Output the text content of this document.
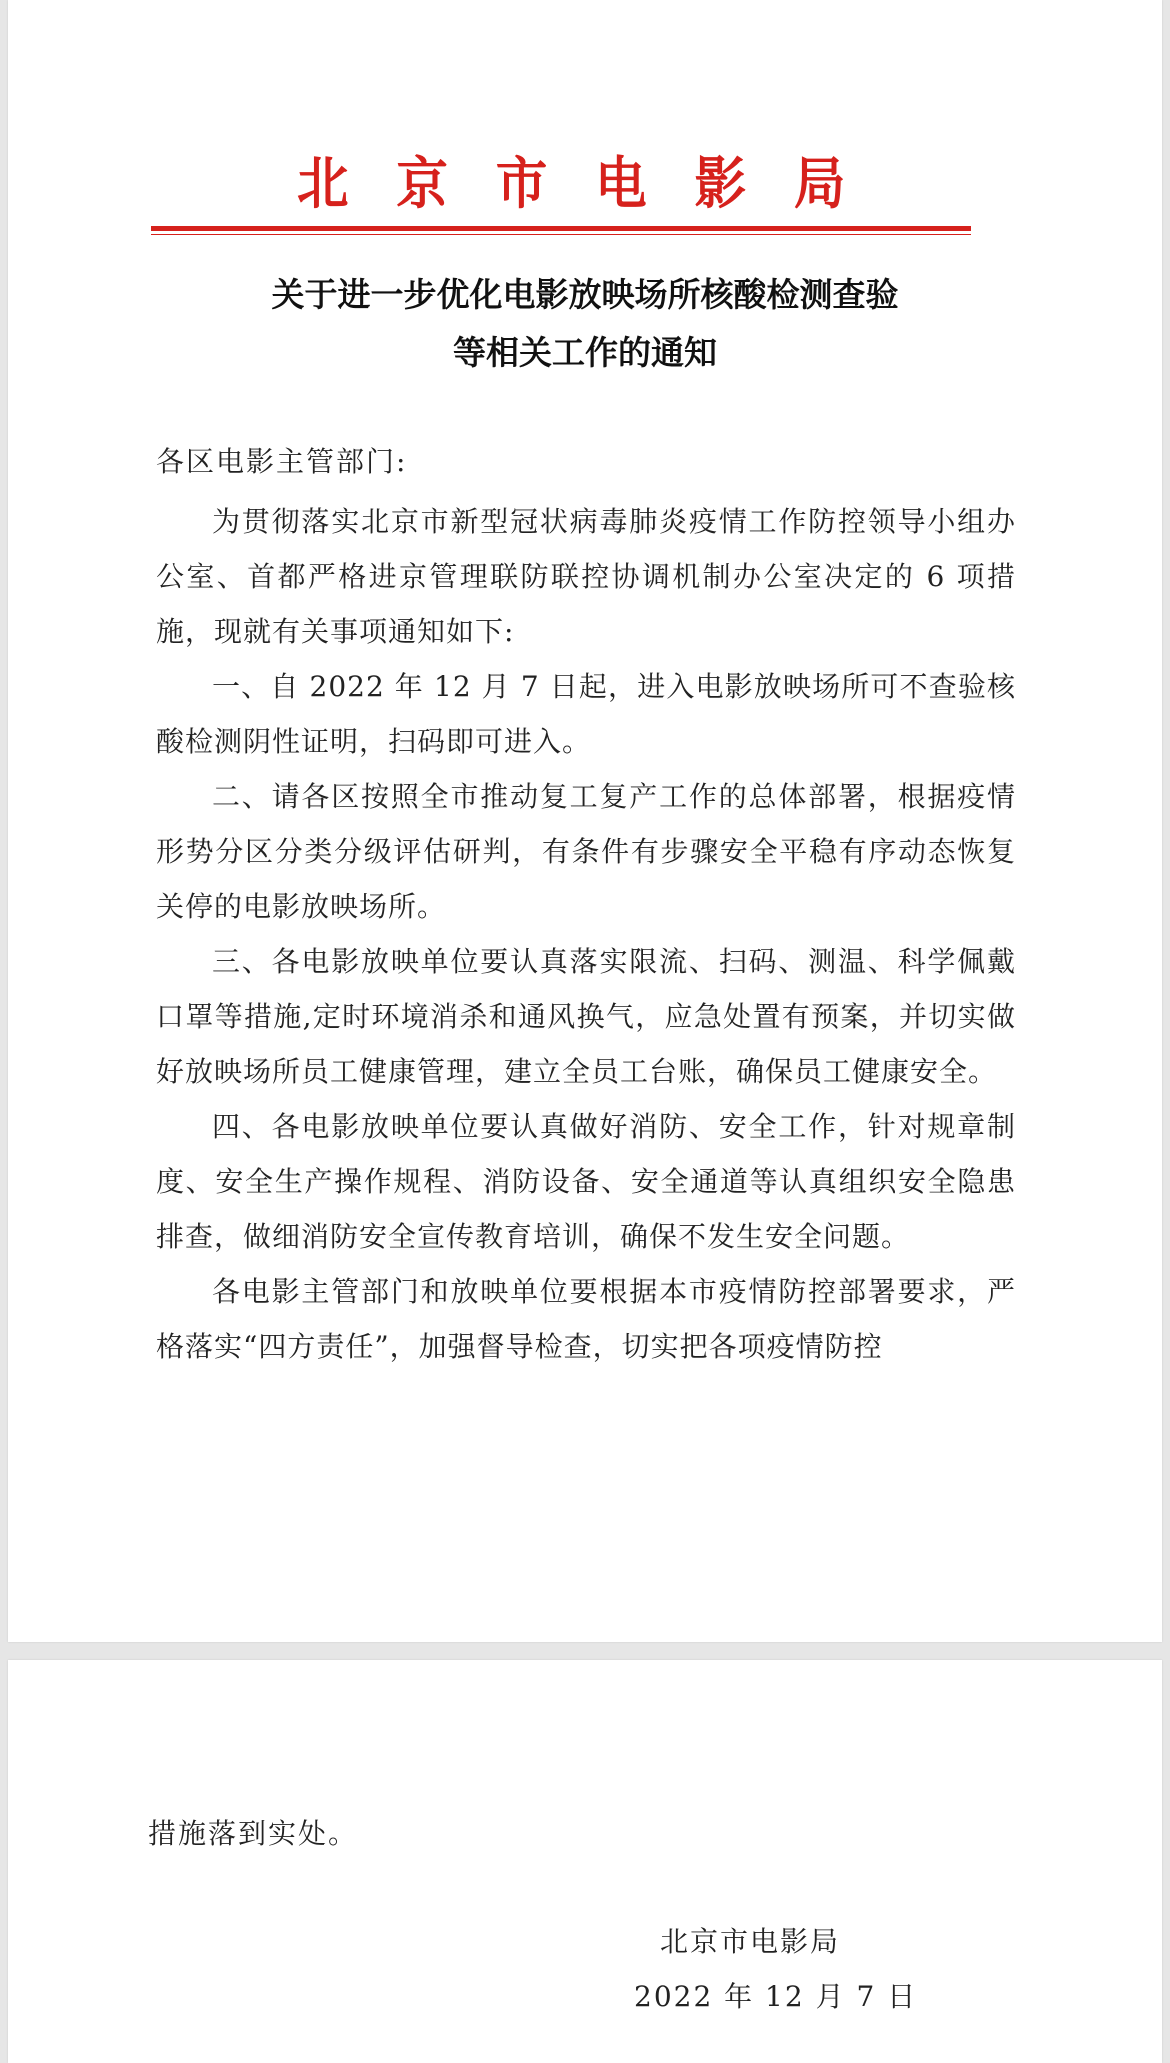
北京市电影局
关于进一步优化电影放映场所核酸检测查验
等相关工作的通知
各区电影主管部门:

为贯彻落实北京市新型冠状病毒肺炎疫情工作防控领导小组办公室、首都严格进京管理联防联控协调机制办公室决定的 6 项措施，现就有关事项通知如下:

一、自 2022 年 12 月 7 日起，进入电影放映场所可不查验核酸检测阴性证明，扫码即可进入。

二、请各区按照全市推动复工复产工作的总体部署，根据疫情形势分区分类分级评估研判，有条件有步骤安全平稳有序动态恢复关停的电影放映场所。

三、各电影放映单位要认真落实限流、扫码、测温、科学佩戴口罩等措施,定时环境消杀和通风换气，应急处置有预案，并切实做好放映场所员工健康管理，建立全员工台账，确保员工健康安全。

四、各电影放映单位要认真做好消防、安全工作，针对规章制度、安全生产操作规程、消防设备、安全通道等认真组织安全隐患排查，做细消防安全宣传教育培训，确保不发生安全问题。

各电影主管部门和放映单位要根据本市疫情防控部署要求，严格落实“四方责任”，加强督导检查，切实把各项疫情防控

措施落到实处。
北京市电影局
2022 年 12 月 7 日
